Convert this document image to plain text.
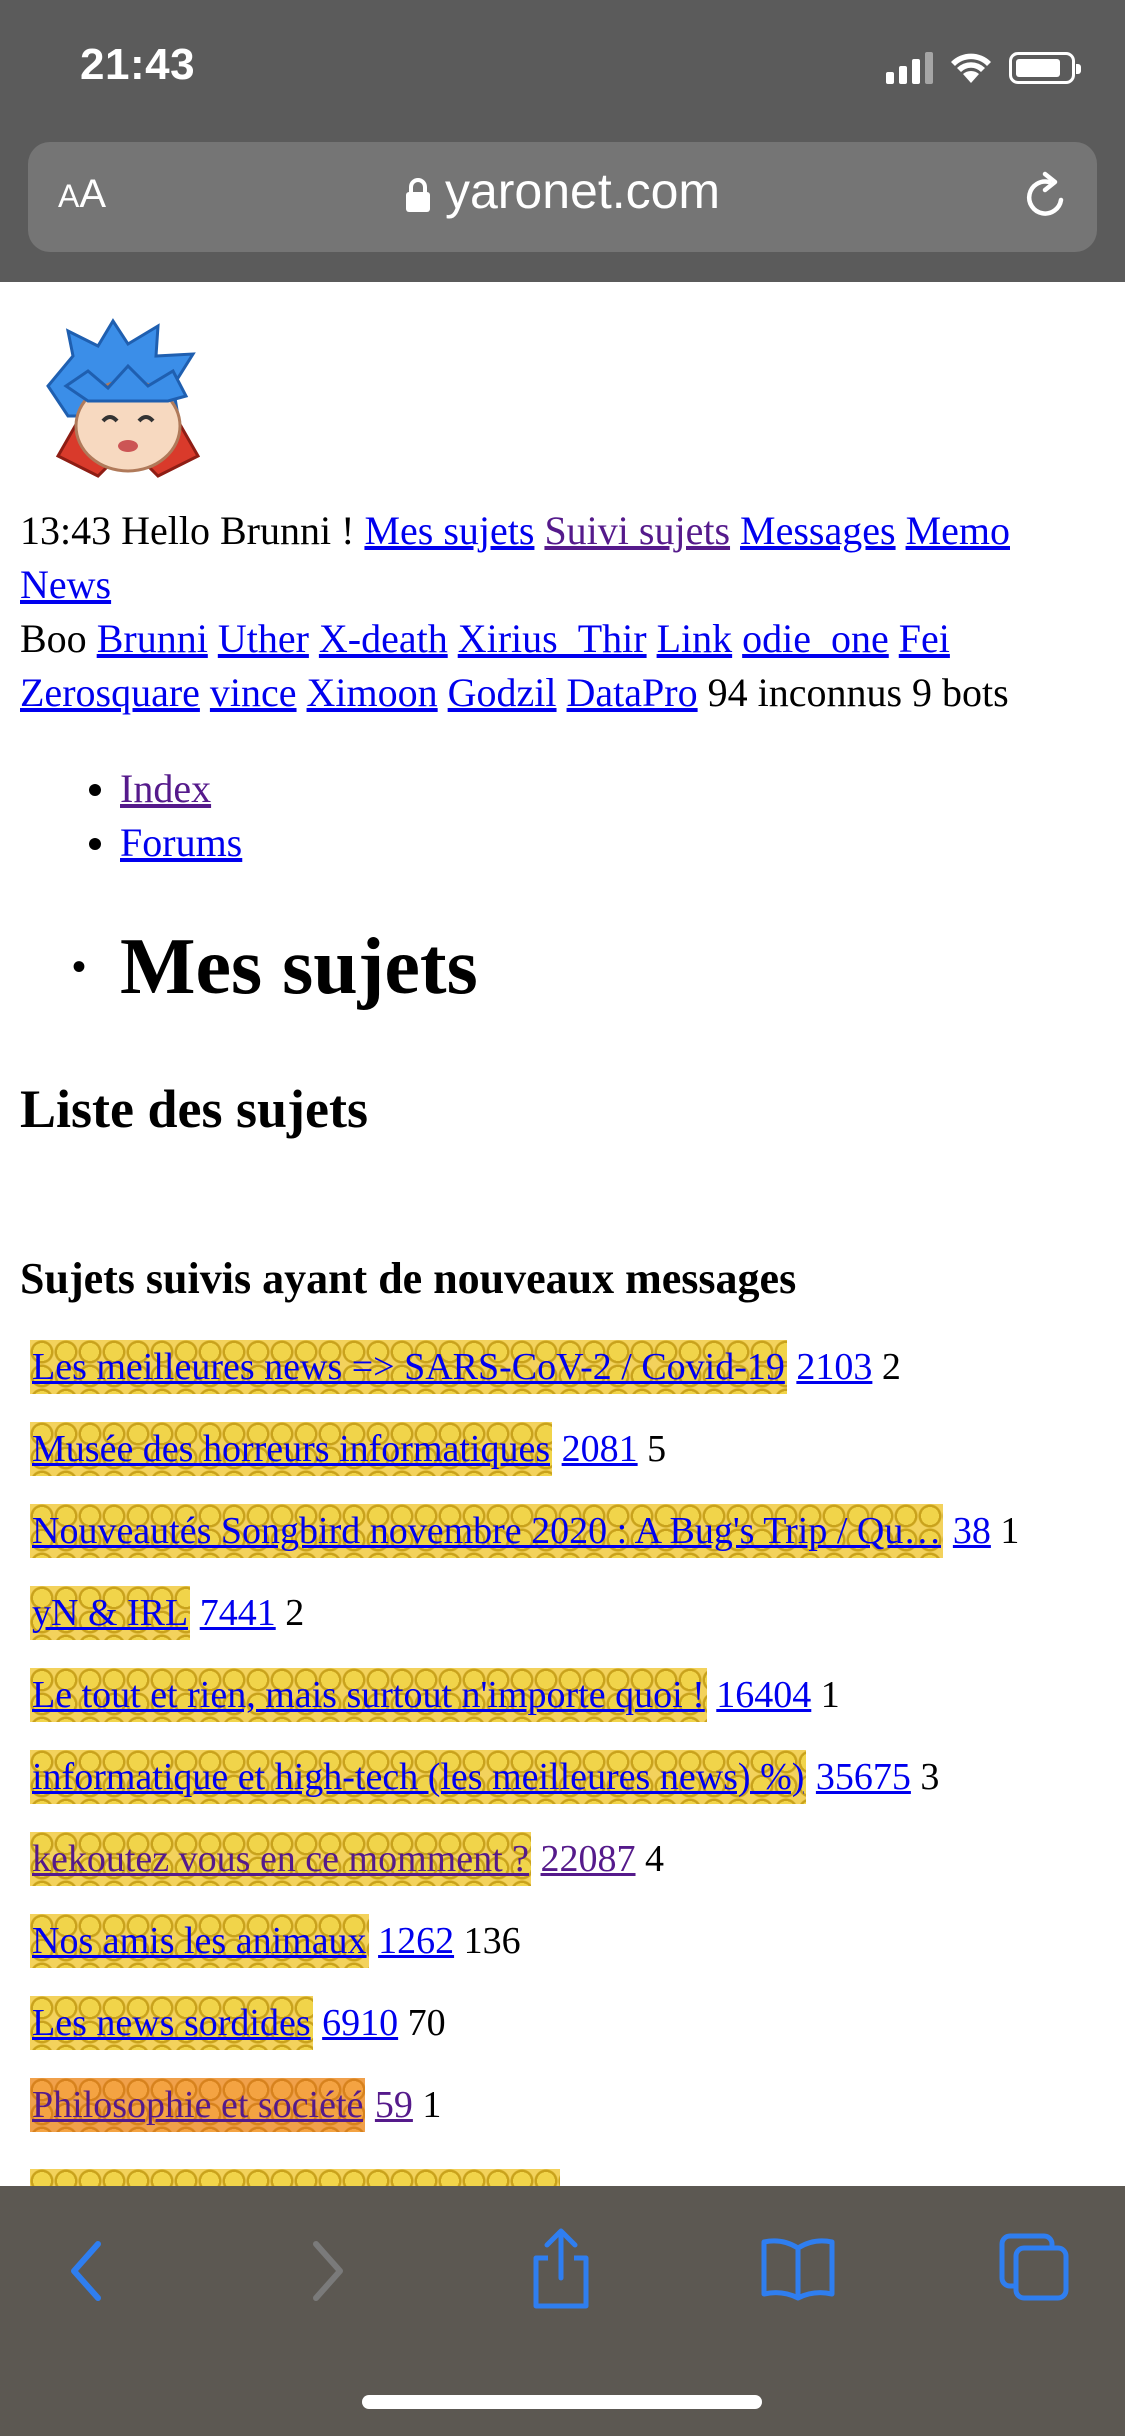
21:43
AA	yaronet.com
13:43 Hello Brunni ! Mes sujets Suivi sujets Messages Memo News
Boo Brunni Uther X-death Xirius_Thir Link odie_one Fei Zerosquare vince Ximoon Godzil DataPro 94 inconnus 9 bots
• Index
• Forums
• Mes sujets
Liste des sujets
Sujets suivis ayant de nouveaux messages
Les meilleures news => SARS-CoV-2 / Covid-19 2103 2
Musée des horreurs informatiques 2081 5
Nouveautés Songbird novembre 2020 : A Bug's Trip / Qu… 38 1
yN & IRL 7441 2
Le tout et rien, mais surtout n'importe quoi ! 16404 1
informatique et high-tech (les meilleures news) %) 35675 3
kekoutez vous en ce momment ? 22087 4
Nos amis les animaux 1262 136
Les news sordides 6910 70
Philosophie et société 59 1
